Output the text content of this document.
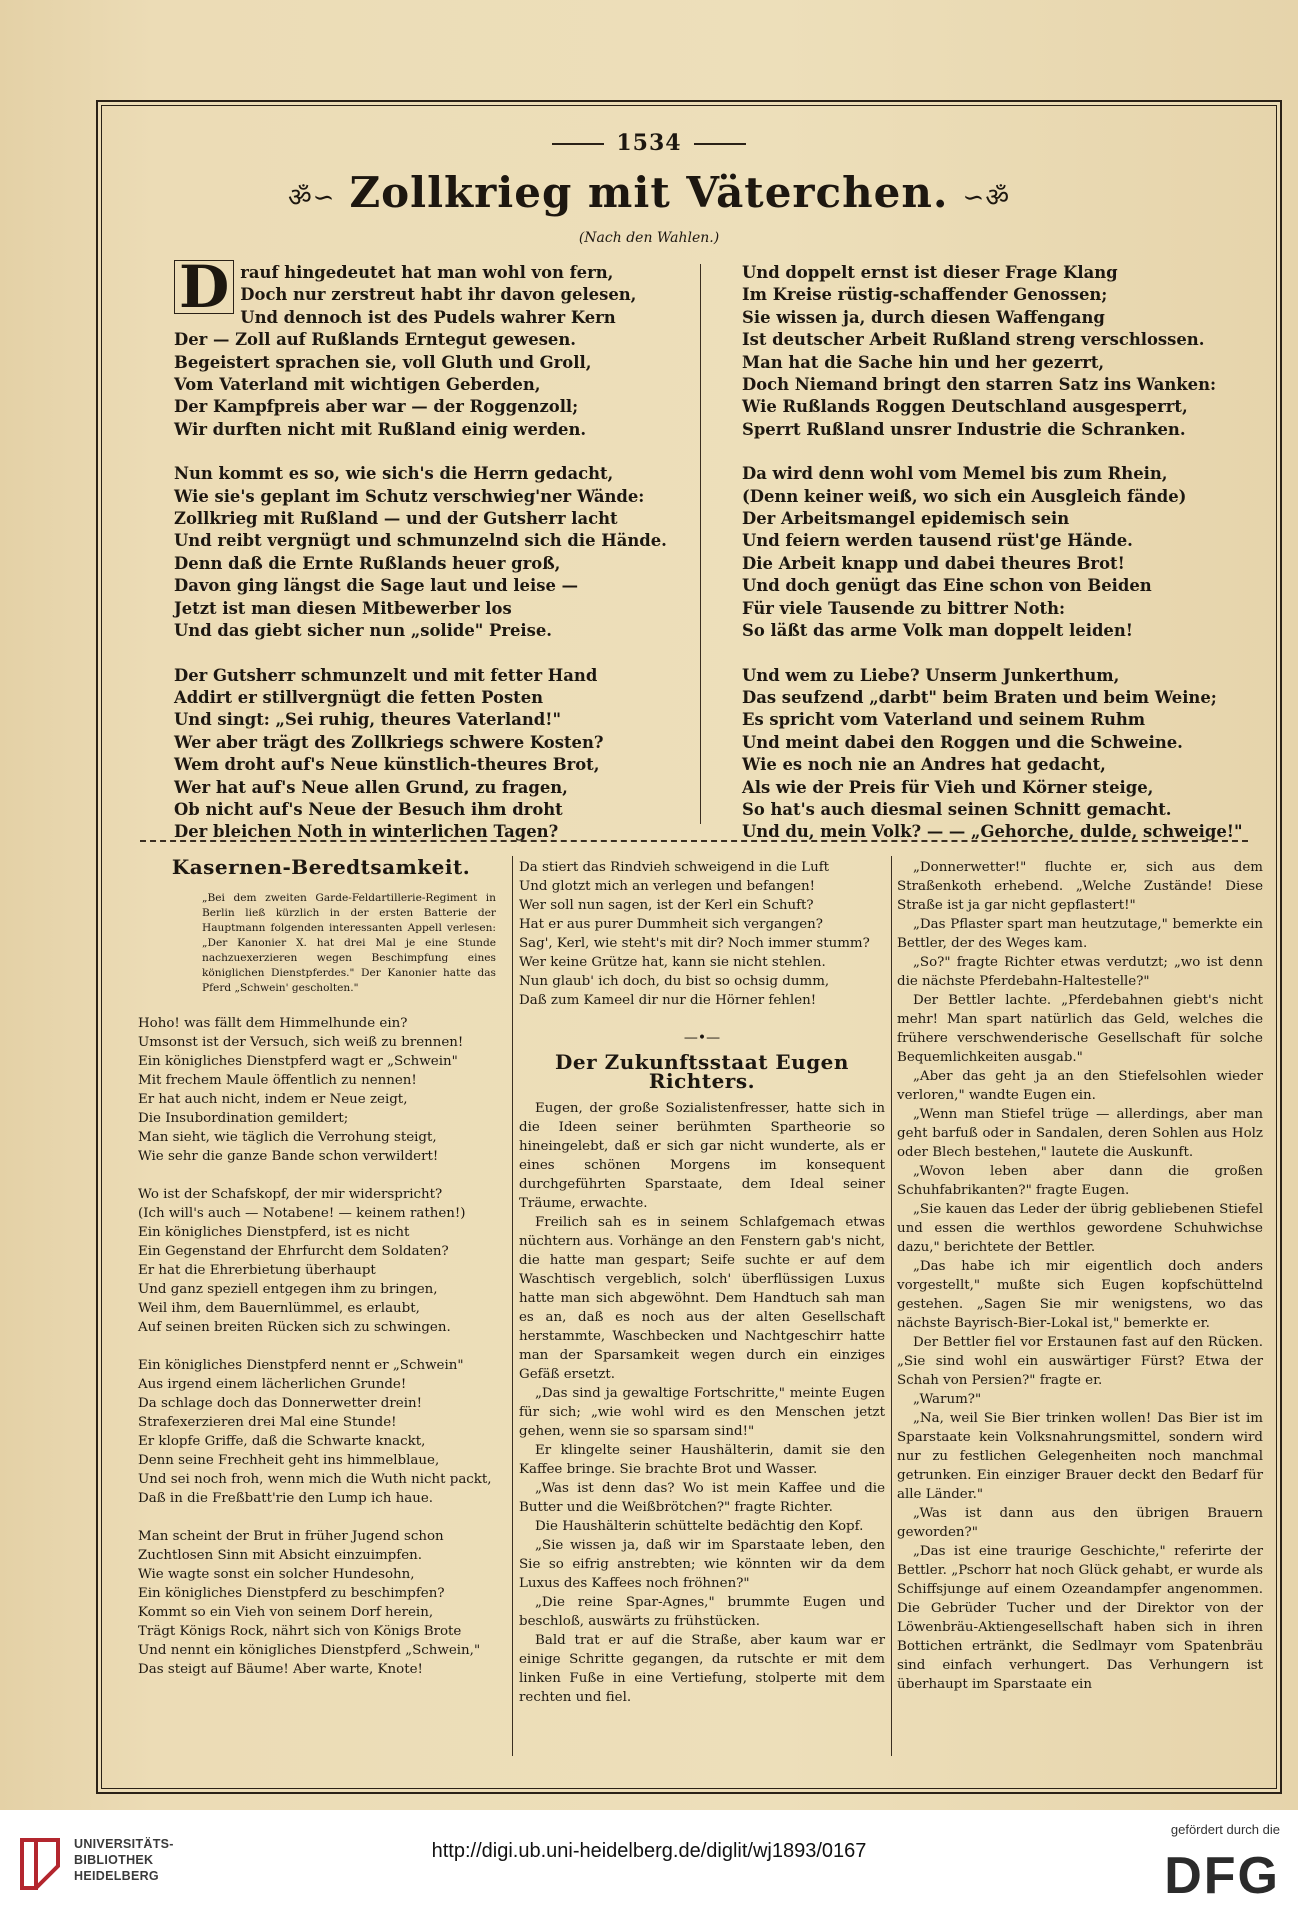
1534
ॐ∽ Zollkrieg mit Väterchen. ∽ॐ
(Nach den Wahlen.)
D rauf hingedeutet hat man wohl von fern,
Doch nur zerstreut habt ihr davon gelesen,
Und dennoch ist des Pudels wahrer Kern
Der — Zoll auf Rußlands Erntegut gewesen.
Begeistert sprachen sie, voll Gluth und Groll,
Vom Vaterland mit wichtigen Geberden,
Der Kampfpreis aber war — der Roggenzoll;
Wir durften nicht mit Rußland einig werden.
Nun kommt es so, wie sich's die Herrn gedacht,
Wie sie's geplant im Schutz verschwieg'ner Wände:
Zollkrieg mit Rußland — und der Gutsherr lacht
Und reibt vergnügt und schmunzelnd sich die Hände.
Denn daß die Ernte Rußlands heuer groß,
Davon ging längst die Sage laut und leise —
Jetzt ist man diesen Mitbewerber los
Und das giebt sicher nun „solide" Preise.
Der Gutsherr schmunzelt und mit fetter Hand
Addirt er stillvergnügt die fetten Posten
Und singt: „Sei ruhig, theures Vaterland!"
Wer aber trägt des Zollkriegs schwere Kosten?
Wem droht auf's Neue künstlich-theures Brot,
Wer hat auf's Neue allen Grund, zu fragen,
Ob nicht auf's Neue der Besuch ihm droht
Der bleichen Noth in winterlichen Tagen?
Und doppelt ernst ist dieser Frage Klang
Im Kreise rüstig-schaffender Genossen;
Sie wissen ja, durch diesen Waffengang
Ist deutscher Arbeit Rußland streng verschlossen.
Man hat die Sache hin und her gezerrt,
Doch Niemand bringt den starren Satz ins Wanken:
Wie Rußlands Roggen Deutschland ausgesperrt,
Sperrt Rußland unsrer Industrie die Schranken.
Da wird denn wohl vom Memel bis zum Rhein,
(Denn keiner weiß, wo sich ein Ausgleich fände)
Der Arbeitsmangel epidemisch sein
Und feiern werden tausend rüst'ge Hände.
Die Arbeit knapp und dabei theures Brot!
Und doch genügt das Eine schon von Beiden
Für viele Tausende zu bittrer Noth:
So läßt das arme Volk man doppelt leiden!
Und wem zu Liebe? Unserm Junkerthum,
Das seufzend „darbt" beim Braten und beim Weine;
Es spricht vom Vaterland und seinem Ruhm
Und meint dabei den Roggen und die Schweine.
Wie es noch nie an Andres hat gedacht,
Als wie der Preis für Vieh und Körner steige,
So hat's auch diesmal seinen Schnitt gemacht.
Und du, mein Volk? — — „Gehorche, dulde, schweige!"
Kasernen-Beredtsamkeit.
„Bei dem zweiten Garde-Feldartillerie-Regiment in Berlin ließ kürzlich in der ersten Batterie der Hauptmann folgenden interessanten Appell verlesen: „Der Kanonier X. hat drei Mal je eine Stunde nachzuexerzieren wegen Beschimpfung eines königlichen Dienstpferdes." Der Kanonier hatte das Pferd „Schwein' gescholten."
Hoho! was fällt dem Himmelhunde ein?
Umsonst ist der Versuch, sich weiß zu brennen!
Ein königliches Dienstpferd wagt er „Schwein"
Mit frechem Maule öffentlich zu nennen!
Er hat auch nicht, indem er Neue zeigt,
Die Insubordination gemildert;
Man sieht, wie täglich die Verrohung steigt,
Wie sehr die ganze Bande schon verwildert!
Wo ist der Schafskopf, der mir widerspricht?
(Ich will's auch — Notabene! — keinem rathen!)
Ein königliches Dienstpferd, ist es nicht
Ein Gegenstand der Ehrfurcht dem Soldaten?
Er hat die Ehrerbietung überhaupt
Und ganz speziell entgegen ihm zu bringen,
Weil ihm, dem Bauernlümmel, es erlaubt,
Auf seinen breiten Rücken sich zu schwingen.
Ein königliches Dienstpferd nennt er „Schwein"
Aus irgend einem lächerlichen Grunde!
Da schlage doch das Donnerwetter drein!
Strafexerzieren drei Mal eine Stunde!
Er klopfe Griffe, daß die Schwarte knackt,
Denn seine Frechheit geht ins himmelblaue,
Und sei noch froh, wenn mich die Wuth nicht packt,
Daß in die Freßbatt'rie den Lump ich haue.
Man scheint der Brut in früher Jugend schon
Zuchtlosen Sinn mit Absicht einzuimpfen.
Wie wagte sonst ein solcher Hundesohn,
Ein königliches Dienstpferd zu beschimpfen?
Kommt so ein Vieh von seinem Dorf herein,
Trägt Königs Rock, nährt sich von Königs Brote
Und nennt ein königliches Dienstpferd „Schwein,"
Das steigt auf Bäume! Aber warte, Knote!
Da stiert das Rindvieh schweigend in die Luft
Und glotzt mich an verlegen und befangen!
Wer soll nun sagen, ist der Kerl ein Schuft?
Hat er aus purer Dummheit sich vergangen?
Sag', Kerl, wie steht's mit dir? Noch immer stumm?
Wer keine Grütze hat, kann sie nicht stehlen.
Nun glaub' ich doch, du bist so ochsig dumm,
Daß zum Kameel dir nur die Hörner fehlen!
—•—
Der Zukunftsstaat Eugen Richters.

Eugen, der große Sozialistenfresser, hatte sich in die Ideen seiner berühmten Spartheorie so hineingelebt, daß er sich gar nicht wunderte, als er eines schönen Morgens im konsequent durchgeführten Sparstaate, dem Ideal seiner Träume, erwachte.

Freilich sah es in seinem Schlafgemach etwas nüchtern aus. Vorhänge an den Fenstern gab's nicht, die hatte man gespart; Seife suchte er auf dem Waschtisch vergeblich, solch' überflüssigen Luxus hatte man sich abgewöhnt. Dem Handtuch sah man es an, daß es noch aus der alten Gesellschaft herstammte, Waschbecken und Nachtgeschirr hatte man der Sparsamkeit wegen durch ein einziges Gefäß ersetzt.

„Das sind ja gewaltige Fortschritte," meinte Eugen für sich; „wie wohl wird es den Menschen jetzt gehen, wenn sie so sparsam sind!"

Er klingelte seiner Haushälterin, damit sie den Kaffee bringe. Sie brachte Brot und Wasser.

„Was ist denn das? Wo ist mein Kaffee und die Butter und die Weißbrötchen?" fragte Richter.

Die Haushälterin schüttelte bedächtig den Kopf.

„Sie wissen ja, daß wir im Sparstaate leben, den Sie so eifrig anstrebten; wie könnten wir da dem Luxus des Kaffees noch fröhnen?"

„Die reine Spar-Agnes," brummte Eugen und beschloß, auswärts zu frühstücken.

Bald trat er auf die Straße, aber kaum war er einige Schritte gegangen, da rutschte er mit dem linken Fuße in eine Vertiefung, stolperte mit dem rechten und fiel.

„Donnerwetter!" fluchte er, sich aus dem Straßenkoth erhebend. „Welche Zustände! Diese Straße ist ja gar nicht gepflastert!"

„Das Pflaster spart man heutzutage," bemerkte ein Bettler, der des Weges kam.

„So?" fragte Richter etwas verdutzt; „wo ist denn die nächste Pferdebahn-Haltestelle?"

Der Bettler lachte. „Pferdebahnen giebt's nicht mehr! Man spart natürlich das Geld, welches die frühere verschwenderische Gesellschaft für solche Bequemlichkeiten ausgab."

„Aber das geht ja an den Stiefelsohlen wieder verloren," wandte Eugen ein.

„Wenn man Stiefel trüge — allerdings, aber man geht barfuß oder in Sandalen, deren Sohlen aus Holz oder Blech bestehen," lautete die Auskunft.

„Wovon leben aber dann die großen Schuhfabrikanten?" fragte Eugen.

„Sie kauen das Leder der übrig gebliebenen Stiefel und essen die werthlos gewordene Schuhwichse dazu," berichtete der Bettler.

„Das habe ich mir eigentlich doch anders vorgestellt," mußte sich Eugen kopfschüttelnd gestehen. „Sagen Sie mir wenigstens, wo das nächste Bayrisch-Bier-Lokal ist," bemerkte er.

Der Bettler fiel vor Erstaunen fast auf den Rücken. „Sie sind wohl ein auswärtiger Fürst? Etwa der Schah von Persien?" fragte er.

„Warum?"

„Na, weil Sie Bier trinken wollen! Das Bier ist im Sparstaate kein Volksnahrungsmittel, sondern wird nur zu festlichen Gelegenheiten noch manchmal getrunken. Ein einziger Brauer deckt den Bedarf für alle Länder."

„Was ist dann aus den übrigen Brauern geworden?"

„Das ist eine traurige Geschichte," referirte der Bettler. „Pschorr hat noch Glück gehabt, er wurde als Schiffsjunge auf einem Ozeandampfer angenommen. Die Gebrüder Tucher und der Direktor von der Löwenbräu-Aktiengesellschaft haben sich in ihren Bottichen ertränkt, die Sedlmayr vom Spatenbräu sind einfach verhungert. Das Verhungern ist überhaupt im Sparstaate ein

UNIVERSITÄTS-
BIBLIOTHEK
HEIDELBERG
http://digi.ub.uni-heidelberg.de/diglit/wj1893/0167
gefördert durch die
DFG
